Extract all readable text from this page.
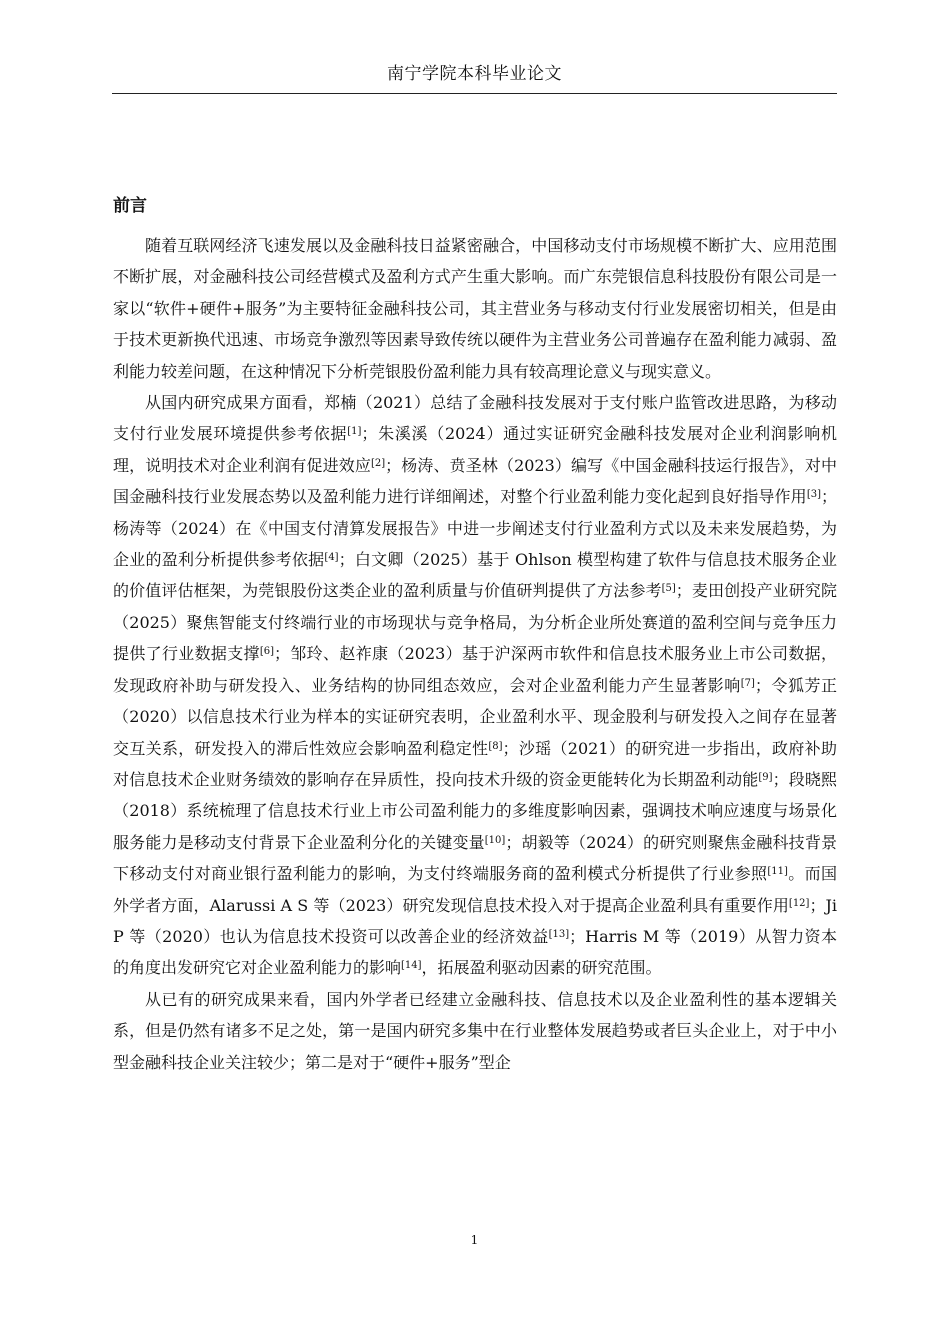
南宁学院本科毕业论文
前言

随着互联网经济飞速发展以及金融科技日益紧密融合，中国移动支付市场规模不断扩大、应用范围不断扩展，对金融科技公司经营模式及盈利方式产生重大影响。而广东莞银信息科技股份有限公司是一家以“软件+硬件+服务”为主要特征金融科技公司，其主营业务与移动支付行业发展密切相关，但是由于技术更新换代迅速、市场竞争激烈等因素导致传统以硬件为主营业务公司普遍存在盈利能力减弱、盈利能力较差问题，在这种情况下分析莞银股份盈利能力具有较高理论意义与现实意义。

从国内研究成果方面看，郑楠（2021）总结了金融科技发展对于支付账户监管改进思路，为移动支付行业发展环境提供参考依据[1]；朱溪溪（2024）通过实证研究金融科技发展对企业利润影响机理，说明技术对企业利润有促进效应[2]；杨涛、贲圣林（2023）编写《中国金融科技运行报告》，对中国金融科技行业发展态势以及盈利能力进行详细阐述，对整个行业盈利能力变化起到良好指导作用[3]；杨涛等（2024）在《中国支付清算发展报告》中进一步阐述支付行业盈利方式以及未来发展趋势，为企业的盈利分析提供参考依据[4]；白文卿（2025）基于 Ohlson 模型构建了软件与信息技术服务企业的价值评估框架，为莞银股份这类企业的盈利质量与价值研判提供了方法参考[5]；麦田创投产业研究院（2025）聚焦智能支付终端行业的市场现状与竞争格局，为分析企业所处赛道的盈利空间与竞争压力提供了行业数据支撑[6]；邹玲、赵祚康（2023）基于沪深两市软件和信息技术服务业上市公司数据，发现政府补助与研发投入、业务结构的协同组态效应，会对企业盈利能力产生显著影响[7]；令狐芳正（2020）以信息技术行业为样本的实证研究表明，企业盈利水平、现金股利与研发投入之间存在显著交互关系，研发投入的滞后性效应会影响盈利稳定性[8]；沙瑶（2021）的研究进一步指出，政府补助对信息技术企业财务绩效的影响存在异质性，投向技术升级的资金更能转化为长期盈利动能[9]；段晓熙（2018）系统梳理了信息技术行业上市公司盈利能力的多维度影响因素，强调技术响应速度与场景化服务能力是移动支付背景下企业盈利分化的关键变量[10]；胡毅等（2024）的研究则聚焦金融科技背景下移动支付对商业银行盈利能力的影响，为支付终端服务商的盈利模式分析提供了行业参照[11]。而国外学者方面，Alarussi A S 等（2023）研究发现信息技术投入对于提高企业盈利具有重要作用[12]；Ji P 等（2020）也认为信息技术投资可以改善企业的经济效益[13]；Harris M 等（2019）从智力资本的角度出发研究它对企业盈利能力的影响[14]，拓展盈利驱动因素的研究范围。

从已有的研究成果来看，国内外学者已经建立金融科技、信息技术以及企业盈利性的基本逻辑关系，但是仍然有诸多不足之处，第一是国内研究多集中在行业整体发展趋势或者巨头企业上，对于中小型金融科技企业关注较少；第二是对于“硬件+服务”型企

1
